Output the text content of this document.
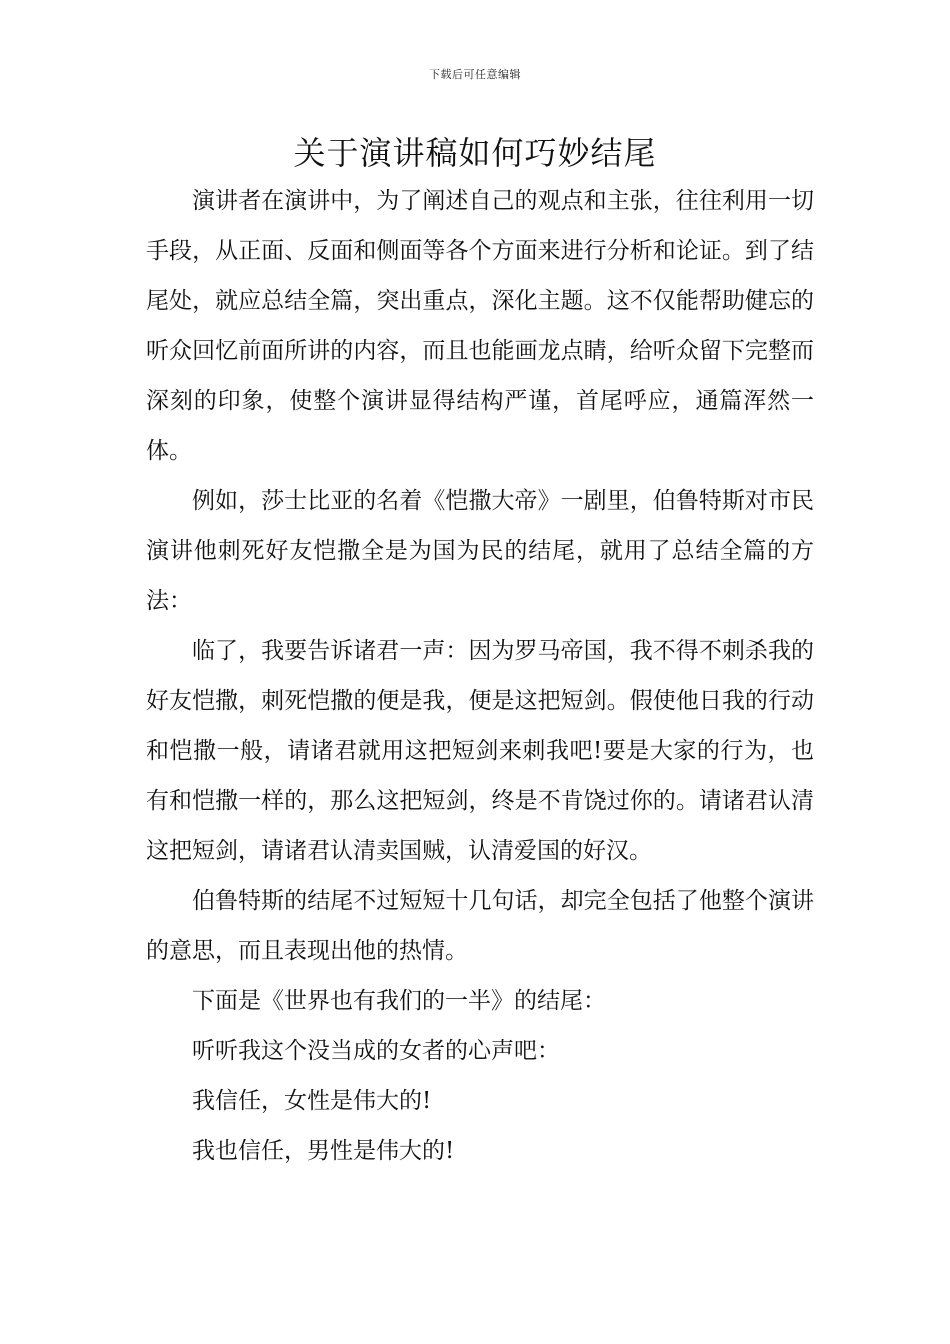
下载后可任意编辑
关于演讲稿如何巧妙结尾

演讲者在演讲中，为了阐述自己的观点和主张，往往利用一切手段，从正面、反面和侧面等各个方面来进行分析和论证。到了结尾处，就应总结全篇，突出重点，深化主题。这不仅能帮助健忘的听众回忆前面所讲的内容，而且也能画龙点睛，给听众留下完整而深刻的印象，使整个演讲显得结构严谨，首尾呼应，通篇浑然一体。

例如，莎士比亚的名着《恺撒大帝》一剧里，伯鲁特斯对市民演讲他刺死好友恺撒全是为国为民的结尾，就用了总结全篇的方法：

临了，我要告诉诸君一声：因为罗马帝国，我不得不刺杀我的好友恺撒，刺死恺撒的便是我，便是这把短剑。假使他日我的行动和恺撒一般，请诸君就用这把短剑来刺我吧!要是大家的行为，也有和恺撒一样的，那么这把短剑，终是不肯饶过你的。请诸君认清这把短剑，请诸君认清卖国贼，认清爱国的好汉。

伯鲁特斯的结尾不过短短十几句话，却完全包括了他整个演讲的意思，而且表现出他的热情。

下面是《世界也有我们的一半》的结尾：

听听我这个没当成的女者的心声吧：

我信任，女性是伟大的!

我也信任，男性是伟大的!
